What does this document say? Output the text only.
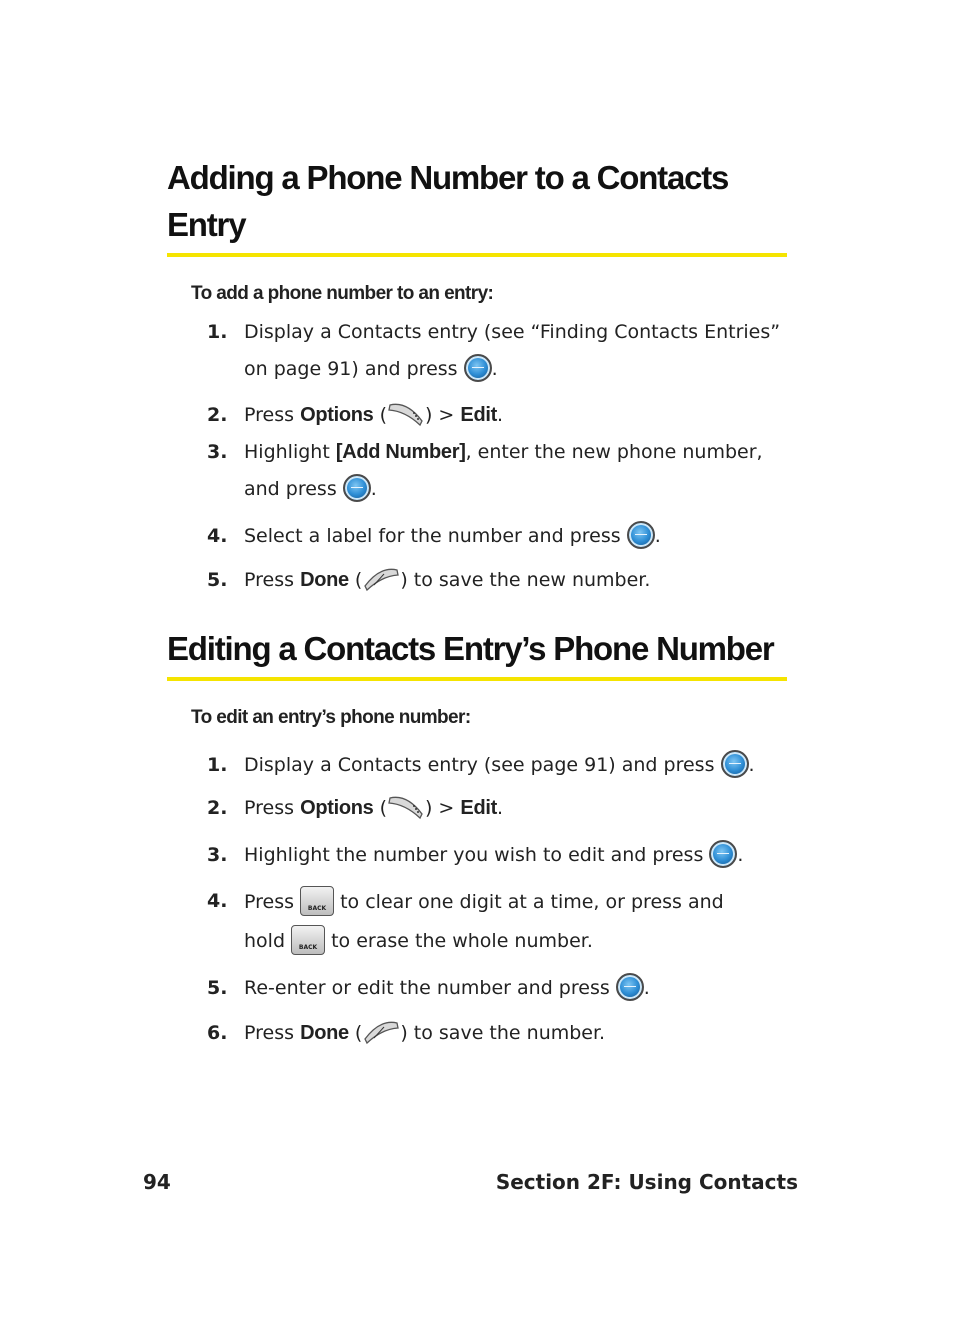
Adding a Phone Number to a Contacts
Entry
To add a phone number to an entry:
1. Display a Contacts entry (see “Finding Contacts Entries”
on page 91) and press .
2. Press Options ( ) > Edit.
3. Highlight [Add Number], enter the new phone number,
and press .
4. Select a label for the number and press .
5. Press Done ( ) to save the new number.
Editing a Contacts Entry’s Phone Number
To edit an entry’s phone number:
1. Display a Contacts entry (see page 91) and press .
2. Press Options ( ) > Edit.
3. Highlight the number you wish to edit and press .
4. Press BACK to clear one digit at a time, or press and
hold BACK to erase the whole number.
5. Re-enter or edit the number and press .
6. Press Done ( ) to save the number.
94	Section 2F: Using Contacts
